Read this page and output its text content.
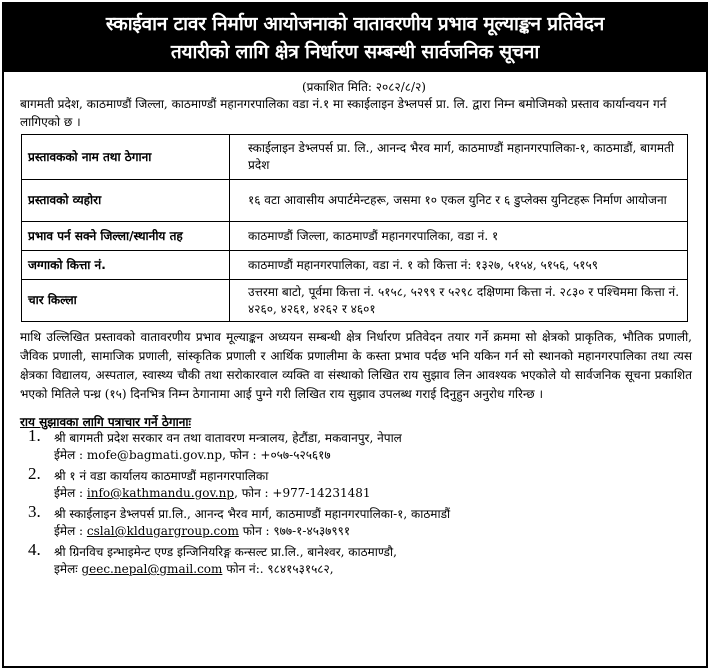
स्काईवान टावर निर्माण आयोजनाको वातावरणीय प्रभाव मूल्याङ्कन प्रतिवेदन
तयारीको लागि क्षेत्र निर्धारण सम्बन्धी सार्वजनिक सूचना
(प्रकाशित मिति: २०८२/८/२)
बागमती प्रदेश, काठमाण्डौं जिल्ला, काठमाण्डौं महानगरपालिका वडा नं.१ मा स्काईलाइन डेभ्लपर्स प्रा. लि. द्वारा निम्न बमोजिमको प्रस्ताव कार्यान्वयन गर्न लागिएको छ ।
प्रस्तावकको नाम तथा ठेगाना	स्काईलाइन डेभ्लपर्स प्रा. लि., आनन्द भैरव मार्ग, काठमाण्डौं महानगरपालिका-१, काठमाडौं, बागमती प्रदेश
प्रस्तावको व्यहोरा	१६ वटा आवासीय अपार्टमेन्टहरू, जसमा १० एकल युनिट र ६ डुप्लेक्स युनिटहरू निर्माण आयोजना
प्रभाव पर्न सक्ने जिल्ला/स्थानीय तह	काठमाण्डौं जिल्ला, काठमाण्डौं महानगरपालिका, वडा नं. १
जग्गाको कित्ता नं.	काठमाण्डौं महानगरपालिका, वडा नं. १ को कित्ता नं: १३२७, ५१५४, ५१५६, ५१५९
चार किल्ला	उत्तरमा बाटो, पूर्वमा कित्ता नं. ५१५८, ५२९९ र ५२९८ दक्षिणमा कित्ता नं. २८३० र पश्चिममा कित्ता नं. ४२६०, ४२६१, ४२६२ र ४६०१
माथि उल्लिखित प्रस्तावको वातावरणीय प्रभाव मूल्याङ्कन अध्ययन सम्बन्धी क्षेत्र निर्धारण प्रतिवेदन तयार गर्ने क्रममा सो क्षेत्रको प्राकृतिक, भौतिक प्रणाली, जैविक प्रणाली, सामाजिक प्रणाली, सांस्कृतिक प्रणाली र आर्थिक प्रणालीमा के कस्ता प्रभाव पर्दछ भनि यकिन गर्न सो स्थानको महानगरपालिका तथा त्यस क्षेत्रका विद्यालय, अस्पताल, स्वास्थ्य चौकी तथा सरोकारवाल व्यक्ति वा संस्थाको लिखित राय सुझाव लिन आवश्यक भएकोले यो सार्वजनिक सूचना प्रकाशित भएको मितिले पन्ध्र (१५) दिनभित्र निम्न ठेगानामा आई पुग्ने गरी लिखित राय सुझाव उपलब्ध गराई दिनुहुन अनुरोध गरिन्छ ।
राय सुझावका लागि पत्राचार गर्ने ठेगानाः
1. श्री बागमती प्रदेश सरकार वन तथा वातावरण मन्त्रालय, हेटौंडा, मकवानपुर, नेपाल
ईमेल : mofe@bagmati.gov.np, फोन : +०५७-५२५६१७
2. श्री १ नं वडा कार्यालय काठमाण्डौं महानगरपालिका
ईमेल : info@kathmandu.gov.np, फोन : +977-14231481
3. श्री स्काईलाइन डेभ्लपर्स प्रा.लि., आनन्द भैरव मार्ग, काठमाण्डौं महानगरपालिका-१, काठमाडौं
ईमेल : cslal@kldugargroup.com फोन : ९७७-१-४५३७९९१
4. श्री ग्रिनविच इन्भाइमेन्ट एण्ड इन्जिनियरिङ्ग कन्सल्ट प्रा.लि., बानेश्वर, काठमाण्डौ,
इमेलः geec.nepal@gmail.com फोन नं:. ९८४१५३१५८२,
